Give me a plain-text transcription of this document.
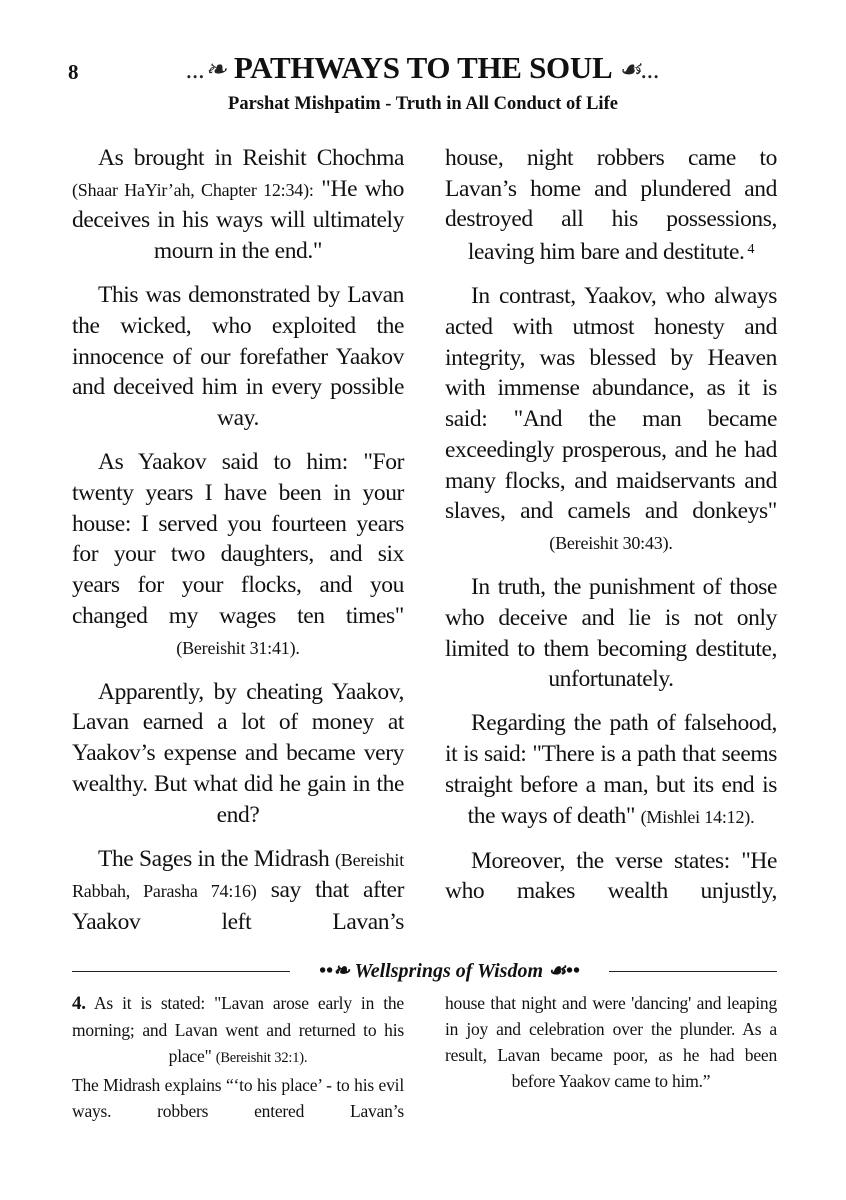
8	...❧ PATHWAYS TO THE SOUL ☙...
Parshat Mishpatim - Truth in All Conduct of Life

As brought in Reishit Chochma (Shaar HaYir’ah, Chapter 12:34): "He who deceives in his ways will ultimately mourn in the end."

This was demonstrated by Lavan the wicked, who exploited the innocence of our forefather Yaakov and deceived him in every possible way.

As Yaakov said to him: "For twenty years I have been in your house: I served you fourteen years for your two daughters, and six years for your flocks, and you changed my wages ten times" (Bereishit 31:41).

Apparently, by cheating Yaakov, Lavan earned a lot of money at Yaakov’s expense and became very wealthy. But what did he gain in the end?

The Sages in the Midrash (Bereishit Rabbah, Parasha 74:16) say that after Yaakov left Lavan’s

house, night robbers came to Lavan’s home and plundered and destroyed all his possessions, leaving him bare and destitute. $^4$

In contrast, Yaakov, who always acted with utmost honesty and integrity, was blessed by Heaven with immense abundance, as it is said: "And the man became exceedingly prosperous, and he had many flocks, and maidservants and slaves, and camels and donkeys" (Bereishit 30:43).

In truth, the punishment of those who deceive and lie is not only limited to them becoming destitute, unfortunately.

Regarding the path of falsehood, it is said: "There is a path that seems straight before a man, but its end is the ways of death" (Mishlei 14:12).

Moreover, the verse states: "He who makes wealth unjustly,

••❧ Wellsprings of Wisdom ☙••

4. As it is stated: "Lavan arose early in the morning; and Lavan went and returned to his place" (Bereishit 32:1).

The Midrash explains “‘to his place’ - to his evil ways. robbers entered Lavan’s

house that night and were 'dancing' and leaping in joy and celebration over the plunder. As a result, Lavan became poor, as he had been before Yaakov came to him.”
